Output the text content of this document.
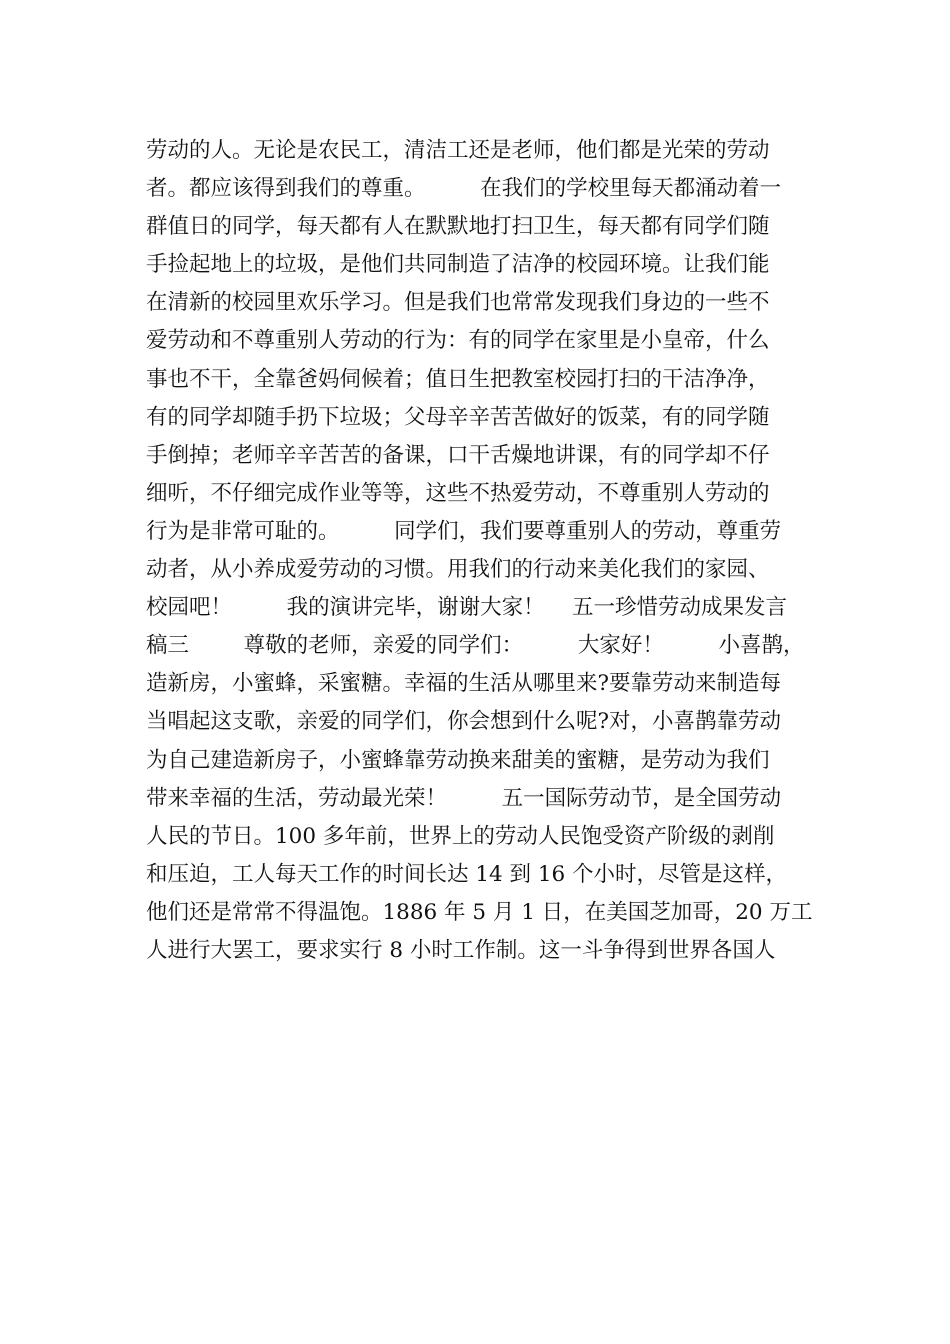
劳动的人。无论是农民工，清洁工还是老师，他们都是光荣的劳动
者。都应该得到我们的尊重。        在我们的学校里每天都涌动着一
群值日的同学，每天都有人在默默地打扫卫生，每天都有同学们随
手捡起地上的垃圾，是他们共同制造了洁净的校园环境。让我们能
在清新的校园里欢乐学习。但是我们也常常发现我们身边的一些不
爱劳动和不尊重别人劳动的行为：有的同学在家里是小皇帝，什么
事也不干，全靠爸妈伺候着；值日生把教室校园打扫的干洁净净，
有的同学却随手扔下垃圾；父母辛辛苦苦做好的饭菜，有的同学随
手倒掉；老师辛辛苦苦的备课，口干舌燥地讲课，有的同学却不仔
细听，不仔细完成作业等等，这些不热爱劳动，不尊重别人劳动的
行为是非常可耻的。        同学们，我们要尊重别人的劳动，尊重劳
动者，从小养成爱劳动的习惯。用我们的行动来美化我们的家园、
校园吧！        我的演讲完毕，谢谢大家！    五一珍惜劳动成果发言
稿三        尊敬的老师，亲爱的同学们：        大家好！        小喜鹊，
造新房，小蜜蜂，采蜜糖。幸福的生活从哪里来?要靠劳动来制造每
当唱起这支歌，亲爱的同学们，你会想到什么呢?对，小喜鹊靠劳动
为自己建造新房子，小蜜蜂靠劳动换来甜美的蜜糖，是劳动为我们
带来幸福的生活，劳动最光荣！        五一国际劳动节，是全国劳动
人民的节日。100 多年前，世界上的劳动人民饱受资产阶级的剥削
和压迫，工人每天工作的时间长达 14 到 16 个小时，尽管是这样，
他们还是常常不得温饱。1886 年 5 月 1 日，在美国芝加哥，20 万工
人进行大罢工，要求实行 8 小时工作制。这一斗争得到世界各国人
